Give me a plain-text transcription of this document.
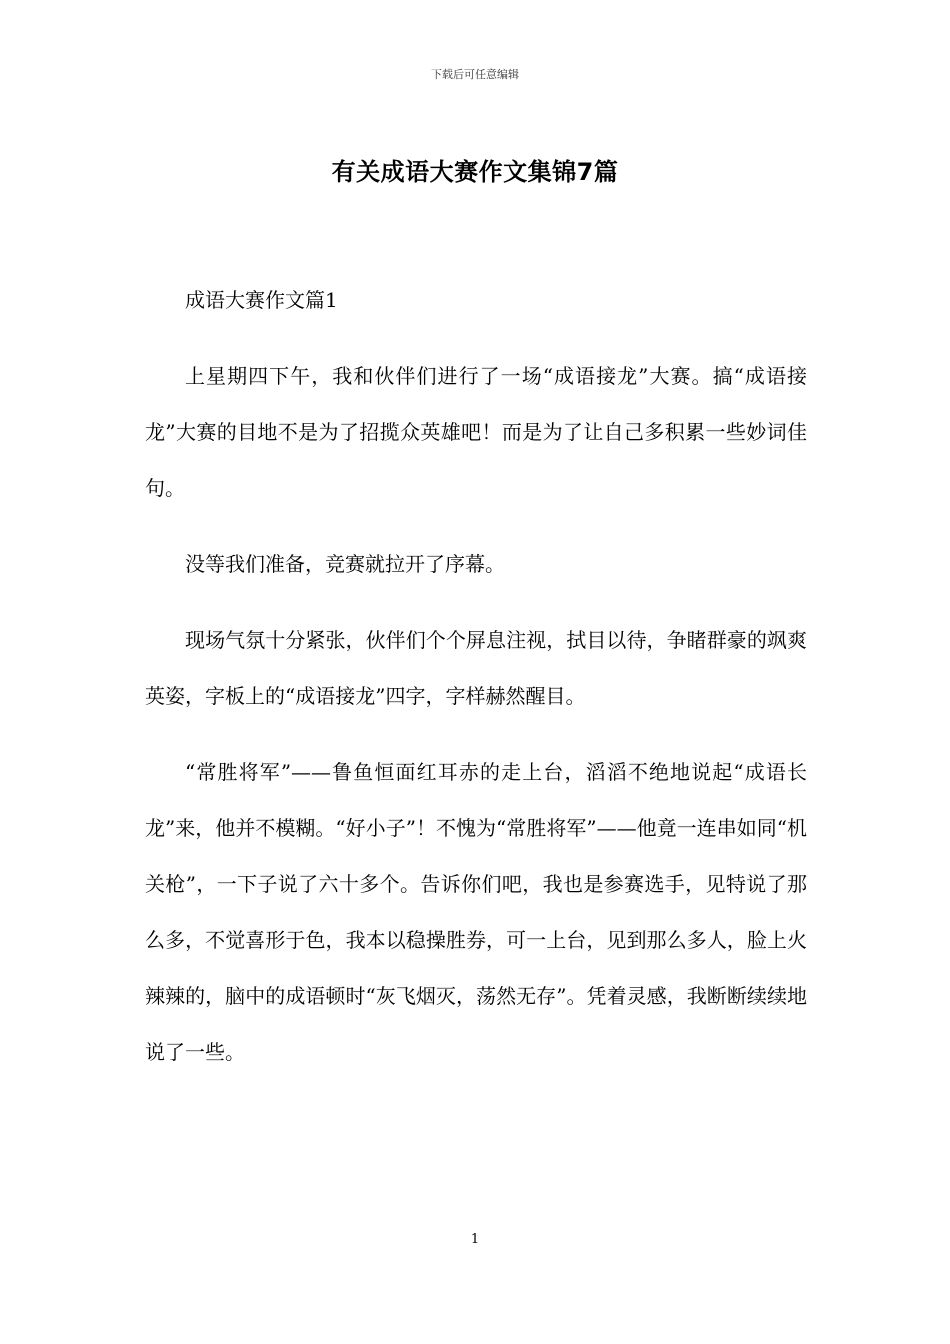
下载后可任意编辑
有关成语大赛作文集锦7篇

成语大赛作文篇1

上星期四下午，我和伙伴们进行了一场“成语接龙”大赛。搞“成语接龙”大赛的目地不是为了招揽众英雄吧！而是为了让自己多积累一些妙词佳句。

没等我们准备，竞赛就拉开了序幕。

现场气氛十分紧张，伙伴们个个屏息注视，拭目以待，争睹群豪的飒爽英姿，字板上的“成语接龙”四字，字样赫然醒目。

“常胜将军”——鲁鱼恒面红耳赤的走上台，滔滔不绝地说起“成语长龙”来，他并不模糊。“好小子”！不愧为“常胜将军”——他竟一连串如同“机关枪”，一下子说了六十多个。告诉你们吧，我也是参赛选手，见特说了那么多，不觉喜形于色，我本以稳操胜券，可一上台，见到那么多人，脸上火辣辣的，脑中的成语顿时“灰飞烟灭，荡然无存”。凭着灵感，我断断续续地说了一些。

1
